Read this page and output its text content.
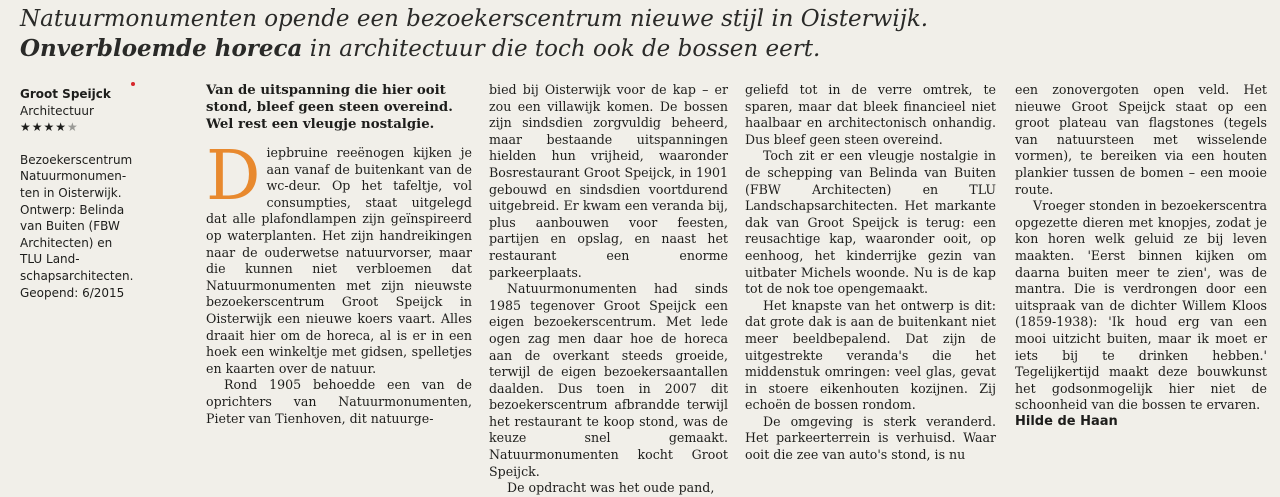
Natuurmonumenten opende een bezoekerscentrum nieuwe stijl in Oisterwijk.
Onverbloemde horeca in architectuur die toch ook de bossen eert.
Groot Speijck
Architectuur
★★★★★
Bezoekerscentrum
Natuurmonumen-
ten in Oisterwijk.
Ontwerp: Belinda
van Buiten (FBW
Architecten) en
TLU Land-
schapsarchitecten.
Geopend: 6/2015
Van de uitspanning die hier ooit stond, bleef geen steen overeind. Wel rest een vleugje nostalgie.
D iepbruine reeënogen kijken je aan vanaf de buitenkant van de wc-deur. Op het tafeltje, vol consumpties, staat uitgelegd dat alle plafondlampen zijn geïnspireerd op waterplanten. Het zijn handreikingen naar de ouderwetse natuurvorser, maar die kunnen niet verbloemen dat Natuurmonumenten met zijn nieuwste bezoekerscentrum Groot Speijck in Oisterwijk een nieuwe koers vaart. Alles draait hier om de horeca, al is er in een hoek een winkeltje met gidsen, spelletjes en kaarten over de natuur.

Rond 1905 behoedde een van de oprichters van Natuurmonumenten, Pieter van Tienhoven, dit natuurge-

bied bij Oisterwijk voor de kap – er zou een villawijk komen. De bossen zijn sindsdien zorgvuldig beheerd, maar bestaande uitspanningen hielden hun vrijheid, waaronder Bosrestaurant Groot Speijck, in 1901 gebouwd en sindsdien voortdurend uitgebreid. Er kwam een veranda bij, plus aanbouwen voor feesten, partijen en opslag, en naast het restaurant een enorme parkeerplaats.

Natuurmonumenten had sinds 1985 tegenover Groot Speijck een eigen bezoekerscentrum. Met lede ogen zag men daar hoe de horeca aan de overkant steeds groeide, terwijl de eigen bezoekersaantallen daalden. Dus toen in 2007 dit bezoekerscentrum afbrandde terwijl het restaurant te koop stond, was de keuze snel gemaakt. Natuurmonumenten kocht Groot Speijck.

De opdracht was het oude pand,

geliefd tot in de verre omtrek, te sparen, maar dat bleek financieel niet haalbaar en architectonisch onhandig. Dus bleef geen steen overeind.

Toch zit er een vleugje nostalgie in de schepping van Belinda van Buiten (FBW Architecten) en TLU Landschapsarchitecten. Het markante dak van Groot Speijck is terug: een reusachtige kap, waaronder ooit, op eenhoog, het kinderrijke gezin van uitbater Michels woonde. Nu is de kap tot de nok toe opengemaakt.

Het knapste van het ontwerp is dit: dat grote dak is aan de buitenkant niet meer beeldbepalend. Dat zijn de uitgestrekte veranda's die het middenstuk omringen: veel glas, gevat in stoere eikenhouten kozijnen. Zij echoën de bossen rondom.

De omgeving is sterk veranderd. Het parkeerterrein is verhuisd. Waar ooit die zee van auto's stond, is nu

een zonovergoten open veld. Het nieuwe Groot Speijck staat op een groot plateau van flagstones (tegels van natuursteen met wisselende vormen), te bereiken via een houten plankier tussen de bomen – een mooie route.

Vroeger stonden in bezoekerscentra opgezette dieren met knopjes, zodat je kon horen welk geluid ze bij leven maakten. 'Eerst binnen kijken om daarna buiten meer te zien', was de mantra. Die is verdrongen door een uitspraak van de dichter Willem Kloos (1859-1938): 'Ik houd erg van een mooi uitzicht buiten, maar ik moet er iets bij te drinken hebben.' Tegelijkertijd maakt deze bouwkunst het godsonmogelijk hier niet de schoonheid van die bossen te ervaren.

Hilde de Haan
